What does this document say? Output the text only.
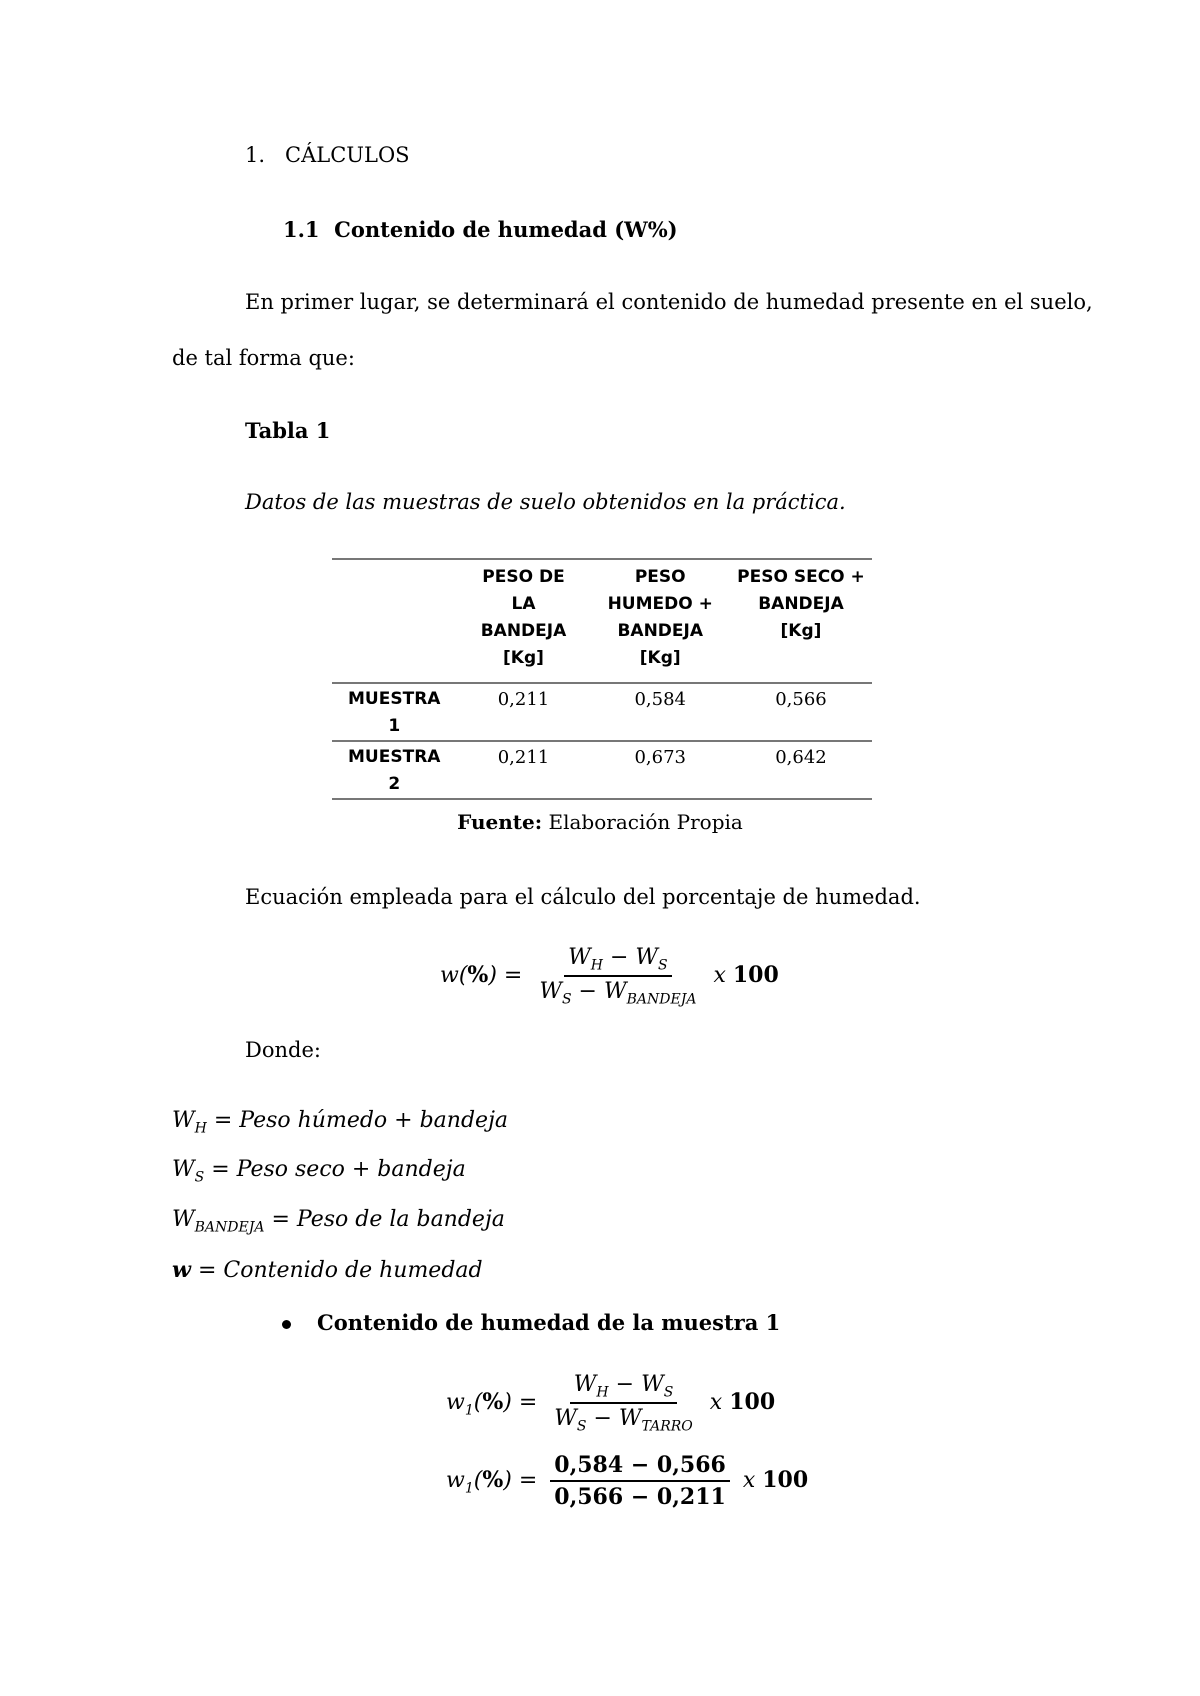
1.   CÁLCULOS
1.1  Contenido de humedad (W%)
En primer lugar, se determinará el contenido de humedad presente en el suelo,
de tal forma que:
Tabla 1
Datos de las muestras de suelo obtenidos en la práctica.

	PESO DE LA BANDEJA [Kg]	PESO HUMEDO + BANDEJA [Kg]	PESO SECO + BANDEJA [Kg]

MUESTRA 1	0,211	0,584	0,566

MUESTRA 2	0,211	0,673	0,642
Fuente: Elaboración Propia
Ecuación empleada para el cálculo del porcentaje de humedad.
$w(\%) = \frac{W_H - W_S}{W_S - W_{BANDEJA}}$ x 100
Donde:
$W_H$ = Peso húmedo + bandeja
$W_S$ = Peso seco + bandeja
$W_{BANDEJA}$ = Peso de la bandeja
w = Contenido de humedad
Contenido de humedad de la muestra 1
$w_1(\%) = \frac{W_H - W_S}{W_S - W_{TARRO}}$ x 100
$w_1(\%) = \frac{0,584 - 0,566}{0,566 - 0,211}$ x 100
